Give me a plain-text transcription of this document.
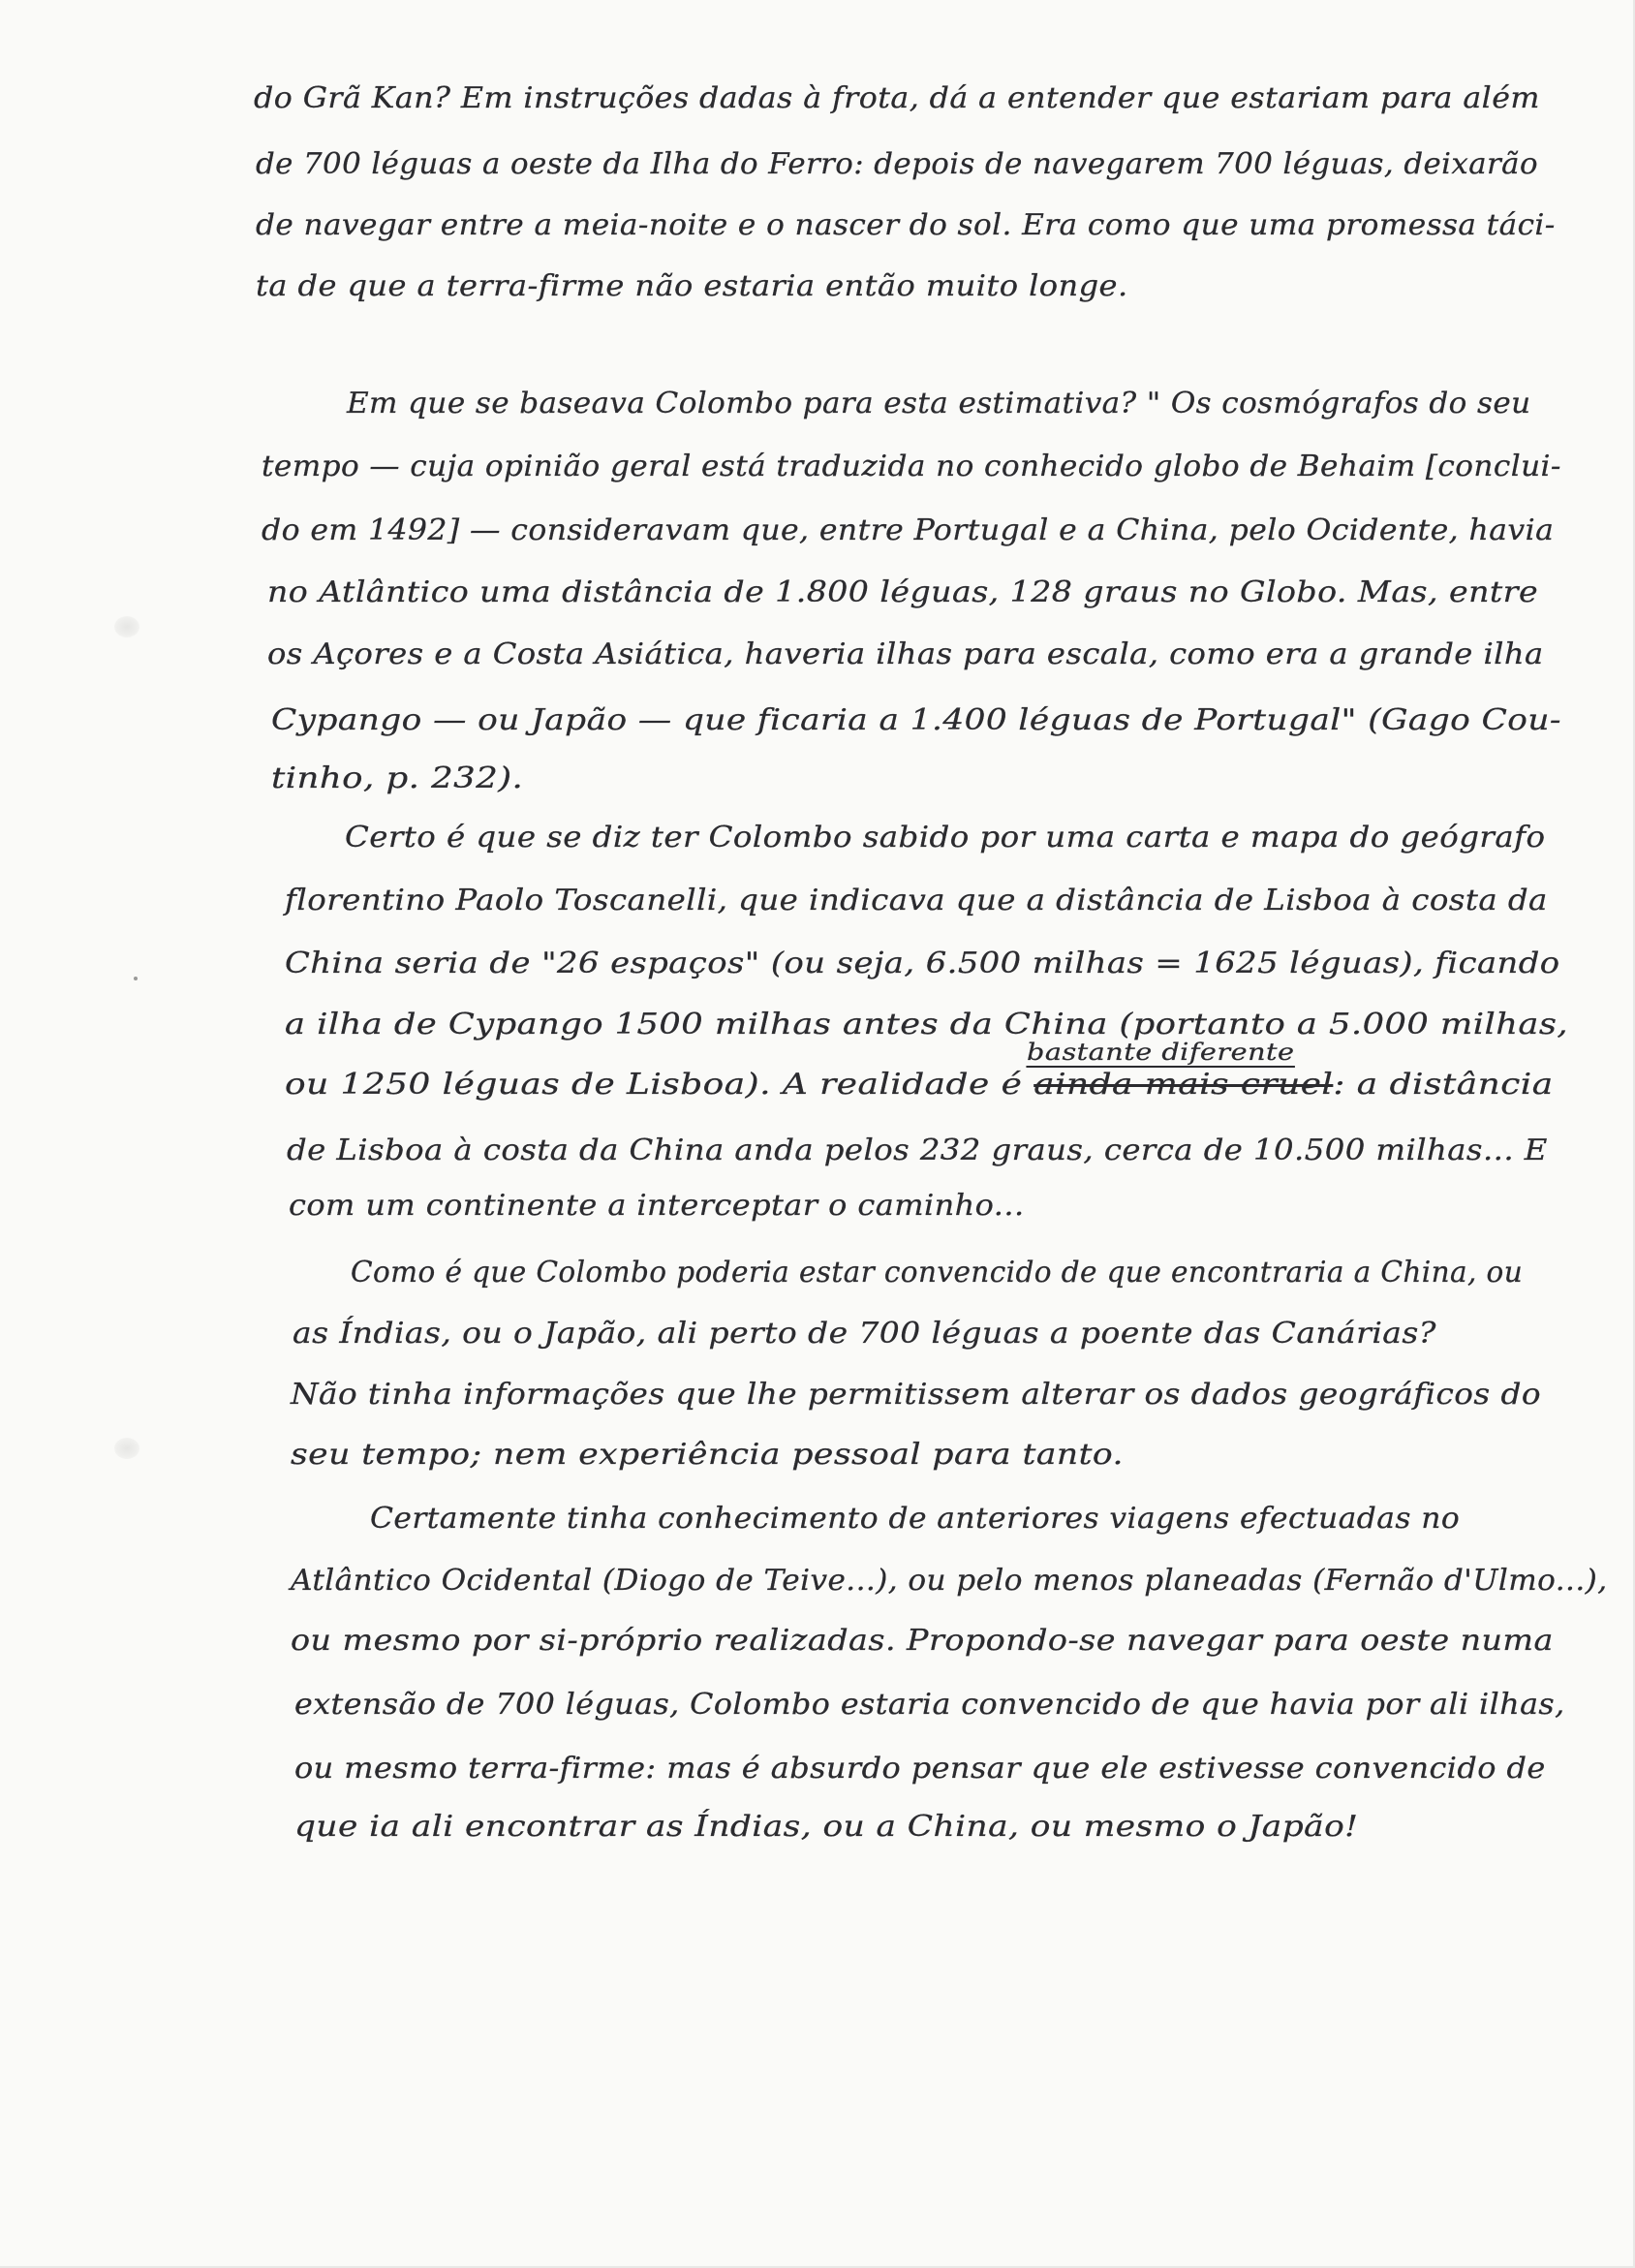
do Grã Kan? Em instruções dadas à frota, dá a entender que estariam para além

de 700 léguas a oeste da Ilha do Ferro: depois de navegarem 700 léguas, deixarão

de navegar entre a meia-noite e o nascer do sol. Era como que uma promessa táci-

ta de que a terra-firme não estaria então muito longe.

Em que se baseava Colombo para esta estimativa? " Os cosmógrafos do seu

tempo — cuja opinião geral está traduzida no conhecido globo de Behaim [conclui-

do em 1492] — consideravam que, entre Portugal e a China, pelo Ocidente, havia

no Atlântico uma distância de 1.800 léguas, 128 graus no Globo. Mas, entre

os Açores e a Costa Asiática, haveria ilhas para escala, como era a grande ilha

Cypango — ou Japão — que ficaria a 1.400 léguas de Portugal" (Gago Cou-

tinho, p. 232).

Certo é que se diz ter Colombo sabido por uma carta e mapa do geógrafo

florentino Paolo Toscanelli, que indicava que a distância de Lisboa à costa da

China seria de "26 espaços" (ou seja, 6.500 milhas = 1625 léguas), ficando

a ilha de Cypango 1500 milhas antes da China (portanto a 5.000 milhas,

ou 1250 léguas de Lisboa). A realidade é ainda mais cruel
bastante diferente
: a distância

de Lisboa à costa da China anda pelos 232 graus, cerca de 10.500 milhas... E

com um continente a interceptar o caminho...

Como é que Colombo poderia estar convencido de que encontraria a China, ou

as Índias, ou o Japão, ali perto de 700 léguas a poente das Canárias?

Não tinha informações que lhe permitissem alterar os dados geográficos do

seu tempo; nem experiência pessoal para tanto.

Certamente tinha conhecimento de anteriores viagens efectuadas no

Atlântico Ocidental (Diogo de Teive...), ou pelo menos planeadas (Fernão d'Ulmo...),

ou mesmo por si-próprio realizadas. Propondo-se navegar para oeste numa

extensão de 700 léguas, Colombo estaria convencido de que havia por ali ilhas,

ou mesmo terra-firme: mas é absurdo pensar que ele estivesse convencido de

que ia ali encontrar as Índias, ou a China, ou mesmo o Japão!
